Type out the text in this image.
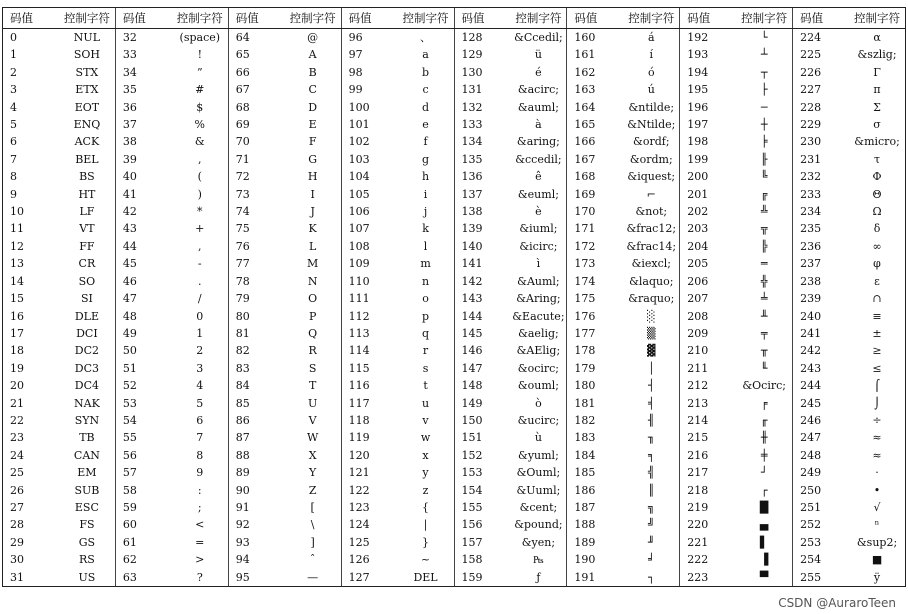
码值	控制字符	码值	控制字符	码值	控制字符	码值	控制字符	码值	控制字符	码值	控制字符	码值	控制字符	码值	控制字符
0	NUL	32	(space)	64	@	96	、	128	&Ccedil;	160	á	192	└	224	α
1	SOH	33	!	65	A	97	a	129	ü	161	í	193	┴	225	&szlig;
2	STX	34	”	66	B	98	b	130	é	162	ó	194	┬	226	Γ
3	ETX	35	#	67	C	99	c	131	&acirc;	163	ú	195	├	227	π
4	EOT	36	$	68	D	100	d	132	&auml;	164	&ntilde;	196	─	228	Σ
5	ENQ	37	%	69	E	101	e	133	à	165	&Ntilde;	197	┼	229	σ
6	ACK	38	&	70	F	102	f	134	&aring;	166	&ordf;	198	╞	230	&micro;
7	BEL	39	,	71	G	103	g	135	&ccedil;	167	&ordm;	199	╟	231	τ
8	BS	40	(	72	H	104	h	136	ê	168	&iquest;	200	╚	232	Φ
9	HT	41	)	73	I	105	i	137	&euml;	169	⌐	201	╔	233	Θ
10	LF	42	*	74	J	106	j	138	è	170	&not;	202	╩	234	Ω
11	VT	43	+	75	K	107	k	139	&iuml;	171	&frac12;	203	╦	235	δ
12	FF	44	,	76	L	108	l	140	&icirc;	172	&frac14;	204	╠	236	∞
13	CR	45	-	77	M	109	m	141	ì	173	&iexcl;	205	═	237	φ
14	SO	46	.	78	N	110	n	142	&Auml;	174	&laquo;	206	╬	238	ε
15	SI	47	/	79	O	111	o	143	&Aring;	175	&raquo;	207	╧	239	∩
16	DLE	48	0	80	P	112	p	144	&Eacute;	176	░	208	╨	240	≡
17	DCI	49	1	81	Q	113	q	145	&aelig;	177	▒	209	╤	241	±
18	DC2	50	2	82	R	114	r	146	&AElig;	178	▓	210	╥	242	≥
19	DC3	51	3	83	S	115	s	147	&ocirc;	179	│	211	╙	243	≤
20	DC4	52	4	84	T	116	t	148	&ouml;	180	┤	212	&Ocirc;	244	⌠
21	NAK	53	5	85	U	117	u	149	ò	181	╡	213	╒	245	⌡
22	SYN	54	6	86	V	118	v	150	&ucirc;	182	╢	214	╓	246	÷
23	TB	55	7	87	W	119	w	151	ù	183	╖	215	╫	247	≈
24	CAN	56	8	88	X	120	x	152	&yuml;	184	╕	216	╪	248	≈
25	EM	57	9	89	Y	121	y	153	&Ouml;	185	╣	217	┘	249	·
26	SUB	58	:	90	Z	122	z	154	&Uuml;	186	║	218	┌	250	•
27	ESC	59	;	91	[	123	{	155	&cent;	187	╗	219	█	251	√
28	FS	60	<	92	\	124	|	156	&pound;	188	╝	220	▄	252	ⁿ
29	GS	61	=	93	]	125	}	157	&yen;	189	╜	221	▌	253	&sup2;
30	RS	62	>	94	ˆ	126	~	158	₧	190	╛	222	▐	254	■
31	US	63	?	95	—	127	DEL	159	ƒ	191	┐	223	▀	255	ÿ
CSDN @AuraroTeen
